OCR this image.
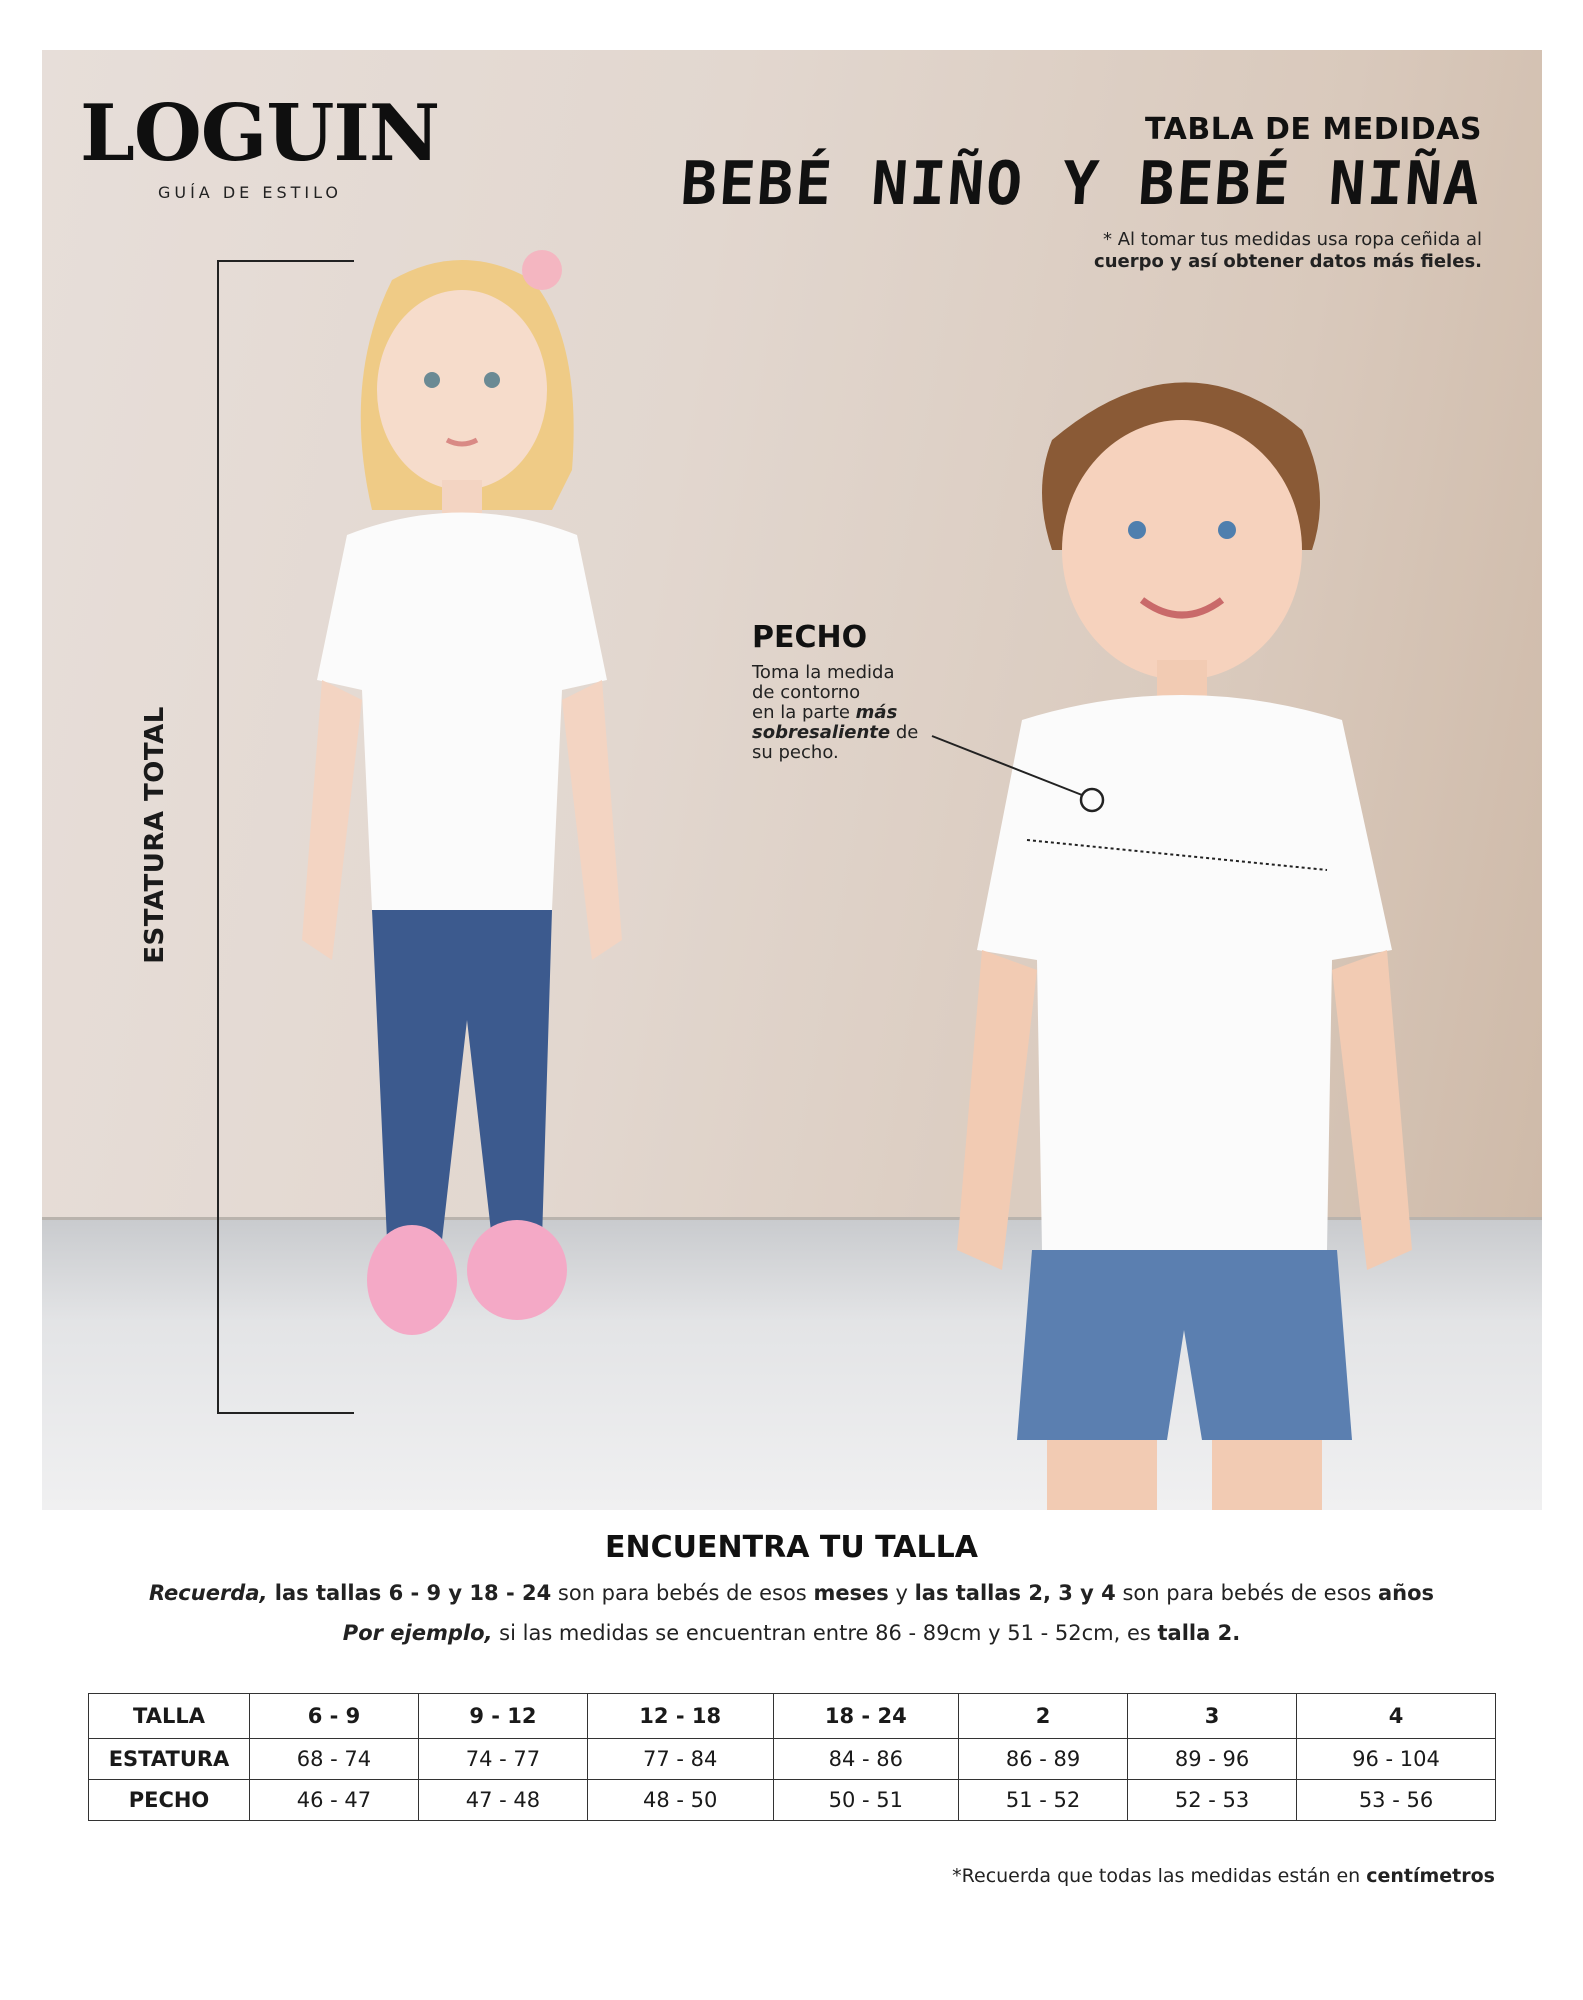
LOGUIN
GUÍA DE ESTILO
TABLA DE MEDIDAS
BEBÉ NIÑO Y BEBÉ NIÑA
* Al tomar tus medidas usa ropa ceñida al
cuerpo y así obtener datos más fieles.
ESTATURA TOTAL
PECHO
Toma la medida
de contorno
en la parte más
sobresaliente de
su pecho.
ENCUENTRA TU TALLA
Recuerda, las tallas 6 - 9 y 18 - 24 son para bebés de esos meses y las tallas 2, 3 y 4 son para bebés de esos años
Por ejemplo, si las medidas se encuentran entre 86 - 89cm y 51 - 52cm, es talla 2.
TALLA	6 - 9	9 - 12	12 - 18	18 - 24	2	3	4
ESTATURA	68 - 74	74 - 77	77 - 84	84 - 86	86 - 89	89 - 96	96 - 104
PECHO	46 - 47	47 - 48	48 - 50	50 - 51	51 - 52	52 - 53	53 - 56
*Recuerda que todas las medidas están en centímetros
